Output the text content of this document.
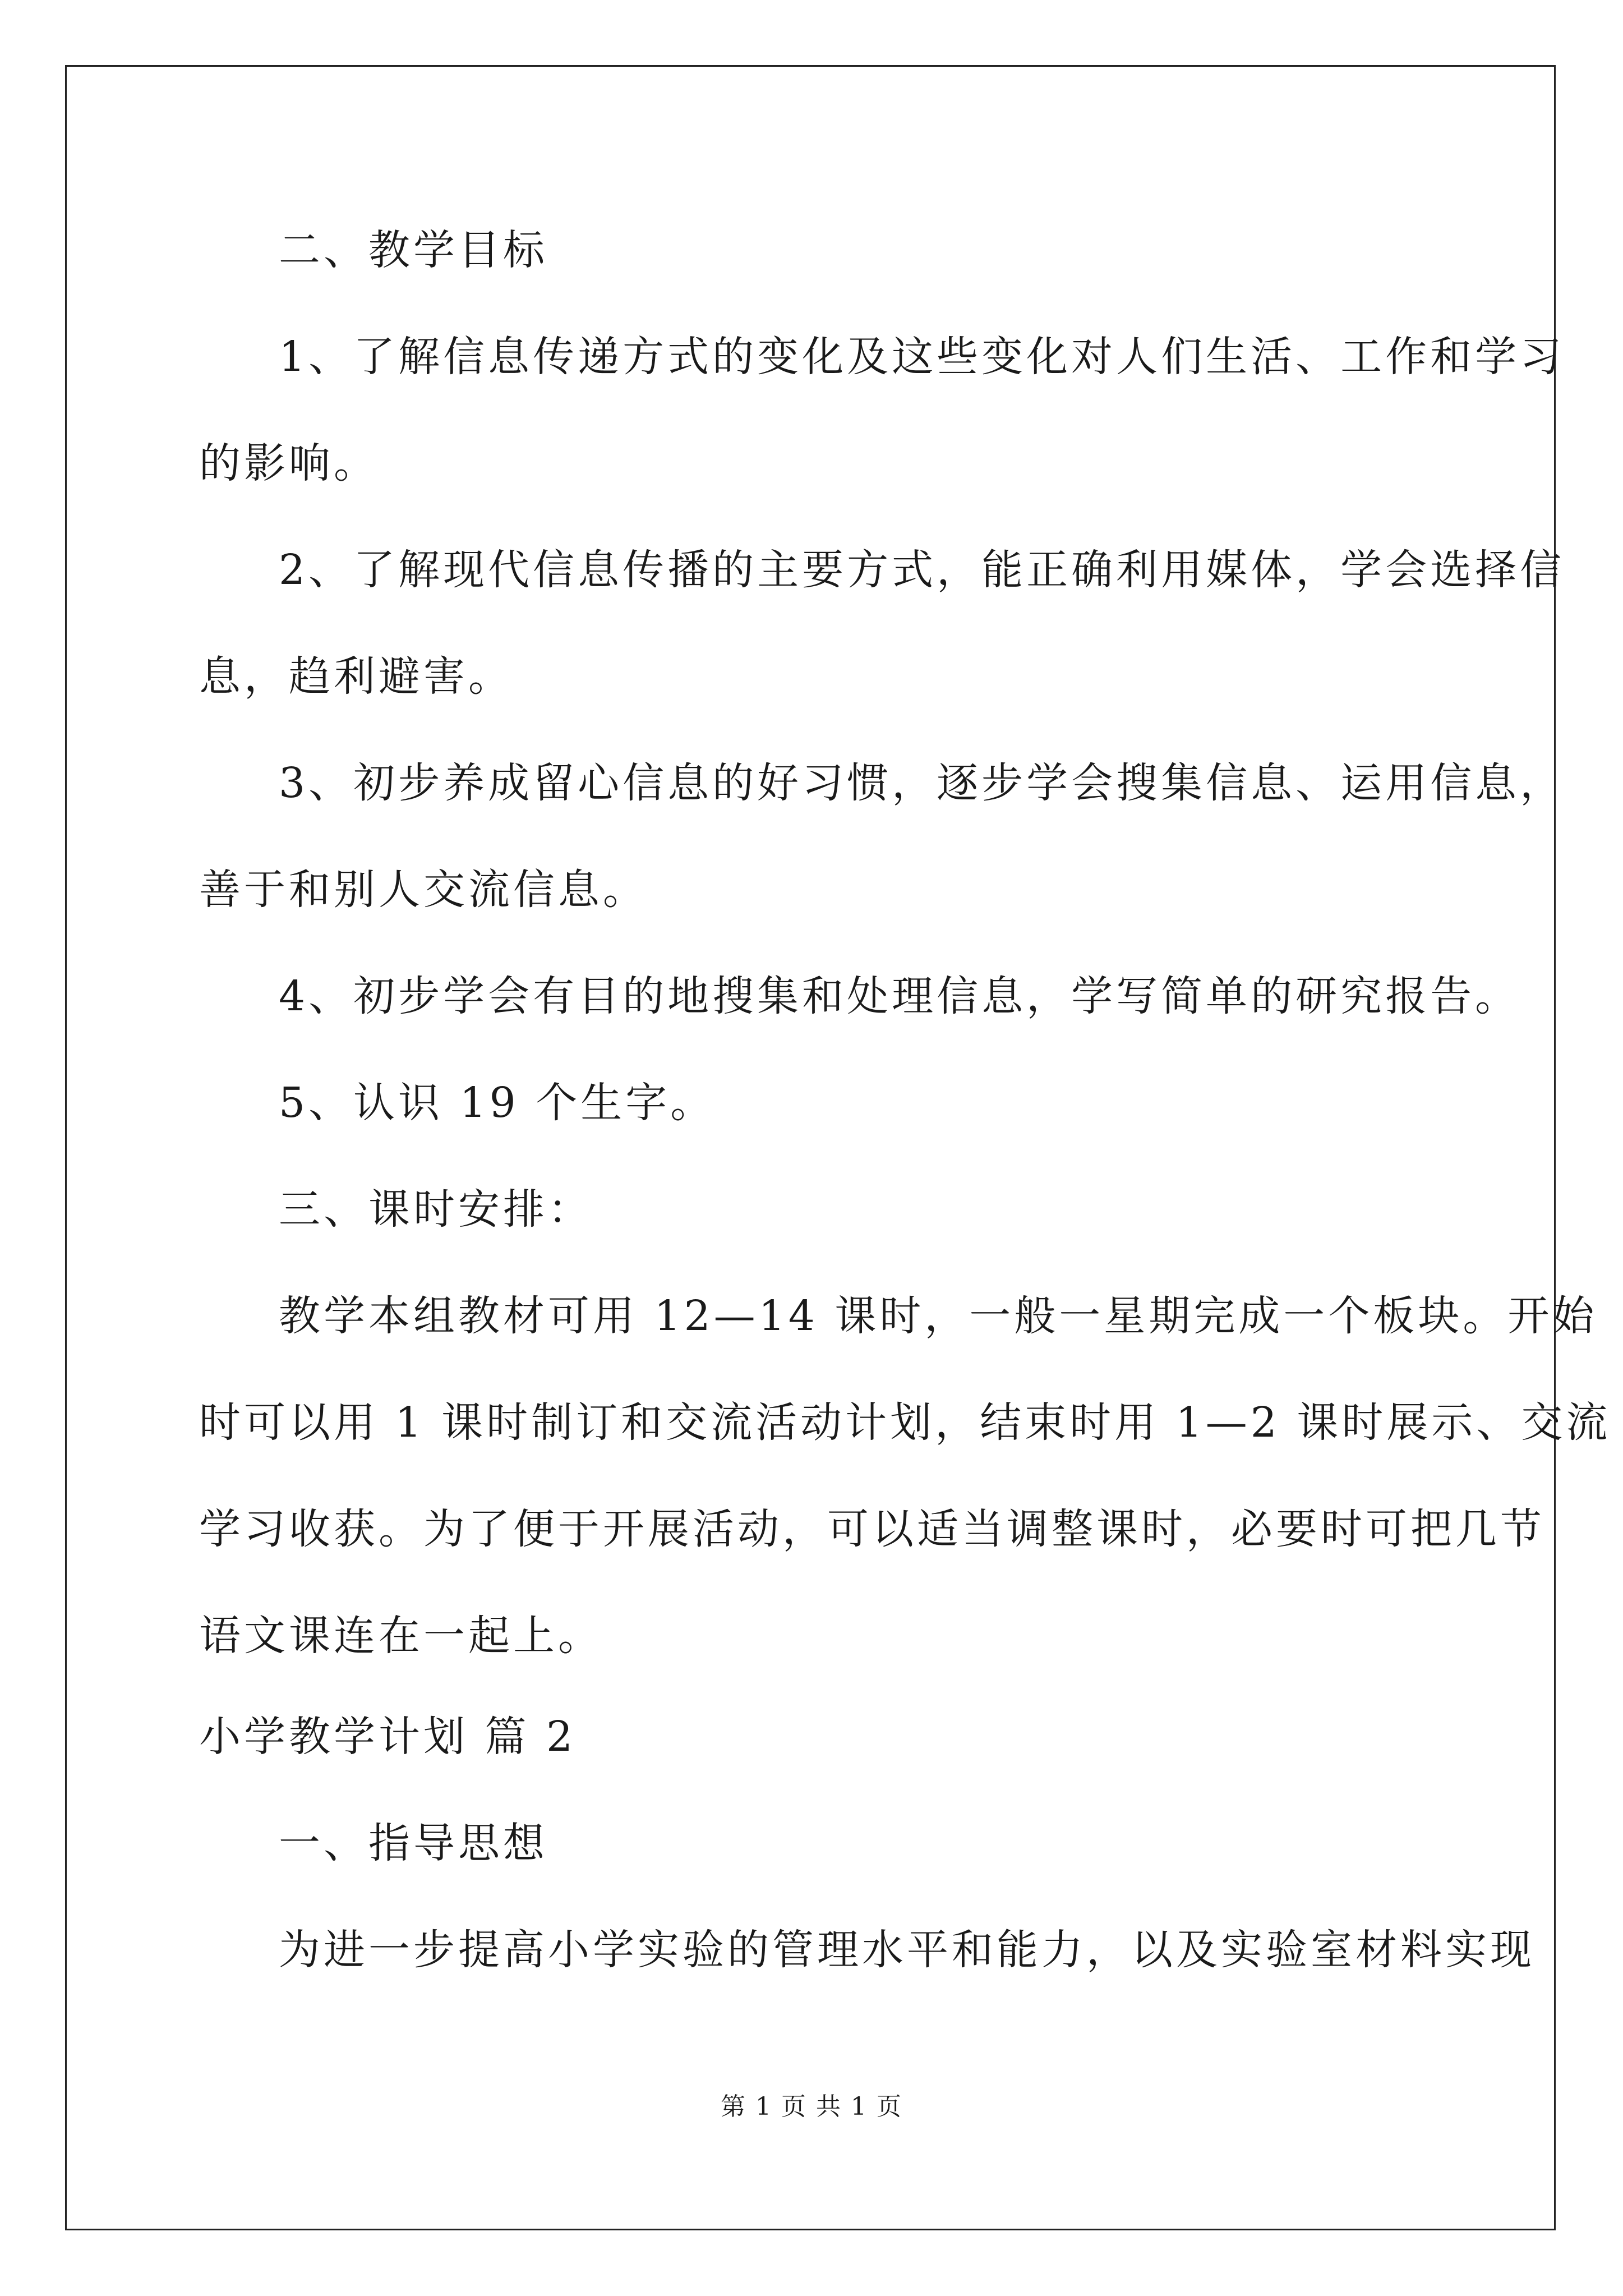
二、教学目标

1、了解信息传递方式的变化及这些变化对人们生活、工作和学习

的影响。

2、了解现代信息传播的主要方式，能正确利用媒体，学会选择信

息，趋利避害。

3、初步养成留心信息的好习惯，逐步学会搜集信息、运用信息，

善于和别人交流信息。

4、初步学会有目的地搜集和处理信息，学写简单的研究报告。

5、认识 19 个生字。

三、课时安排：

教学本组教材可用 12—14 课时，一般一星期完成一个板块。开始

时可以用 1 课时制订和交流活动计划，结束时用 1—2 课时展示、交流

学习收获。为了便于开展活动，可以适当调整课时，必要时可把几节

语文课连在一起上。

小学教学计划 篇 2

一、指导思想

为进一步提高小学实验的管理水平和能力，以及实验室材料实现

第 1 页 共 1 页
